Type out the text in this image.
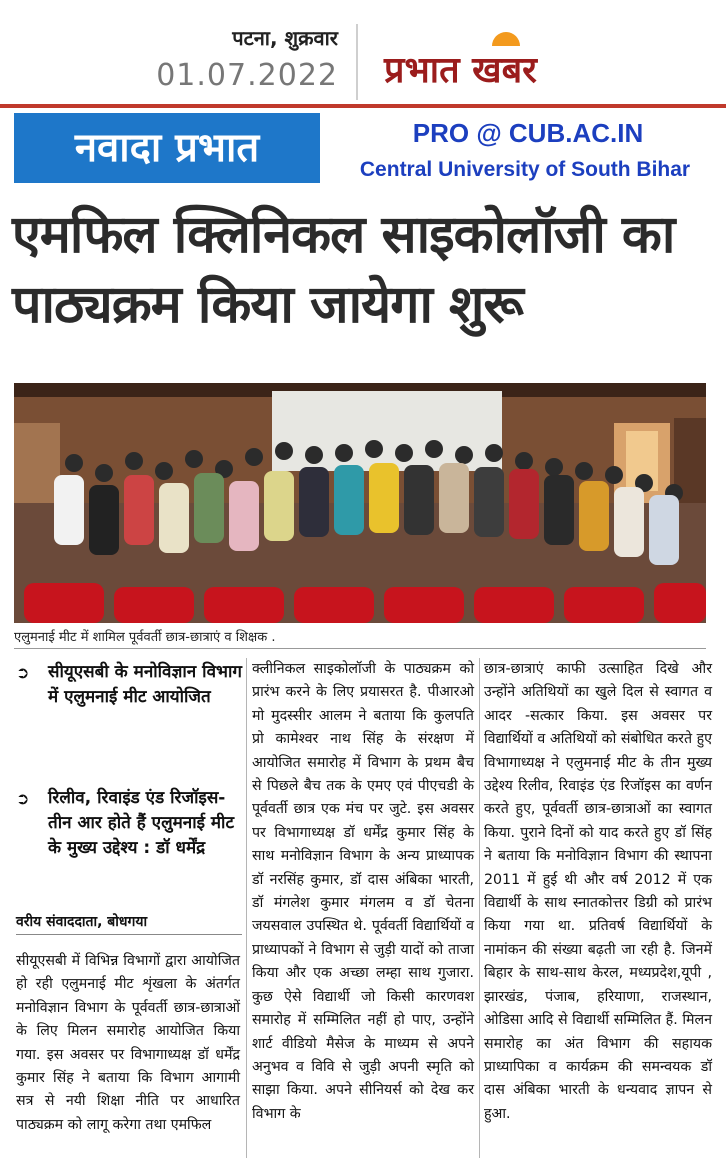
पटना, शुक्रवार
01.07.2022 प्रभात खबर
नवादा प्रभात	PRO @ CUB.AC.IN
Central University of South Bihar
एमफिल क्लिनिकल साइकोलॉजी का पाठ्यक्रम किया जायेगा शुरू
एलुमनाई मीट में शामिल पूर्ववर्ती छात्र-छात्राएं व शिक्षक .
➲ सीयूएसबी के मनोविज्ञान विभाग में एलुमनाई मीट आयोजित
➲ रिलीव, रिवाइंड एंड रिजॉइस- तीन आर होते हैं एलुमनाई मीट के मुख्य उद्देश्य : डॉ धर्मेंद्र
वरीय संवाददाता, बोधगया
सीयूएसबी में विभिन्न विभागों द्वारा आयोजित हो रही एलुमनाई मीट शृंखला के अंतर्गत मनोविज्ञान विभाग के पूर्ववर्ती छात्र-छात्राओं के लिए मिलन समारोह आयोजित किया गया. इस अवसर पर विभागाध्यक्ष डॉ धर्मेंद्र कुमार सिंह ने बताया कि विभाग आगामी सत्र से नयी शिक्षा नीति पर आधारित पाठ्यक्रम को लागू करेगा तथा एमफिल
क्लीनिकल साइकोलॉजी के पाठ्यक्रम को प्रारंभ करने के लिए प्रयासरत है. पीआरओ मो मुदस्सीर आलम ने बताया कि कुलपति प्रो कामेश्वर नाथ सिंह के संरक्षण में आयोजित समारोह में विभाग के प्रथम बैच से पिछले बैच तक के एमए एवं पीएचडी के पूर्ववर्ती छात्र एक मंच पर जुटे. इस अवसर पर विभागाध्यक्ष डॉ धर्मेंद्र कुमार सिंह के साथ मनोविज्ञान विभाग के अन्य प्राध्यापक डॉ नरसिंह कुमार, डॉ दास अंबिका भारती, डॉ मंगलेश कुमार मंगलम व डॉ चेतना जयसवाल उपस्थित थे. पूर्ववर्ती विद्यार्थियों व प्राध्यापकों ने विभाग से जुड़ी यादों को ताजा किया और एक अच्छा लम्हा साथ गुजारा. कुछ ऐसे विद्यार्थी जो किसी कारणवश समारोह में सम्मिलित नहीं हो पाए, उन्होंने शार्ट वीडियो मैसेज के माध्यम से अपने अनुभव व विवि से जुड़ी अपनी स्मृति को साझा किया. अपने सीनियर्स को देख कर विभाग के
छात्र-छात्राएं काफी उत्साहित दिखे और उन्होंने अतिथियों का खुले दिल से स्वागत व आदर -सत्कार किया. इस अवसर पर विद्यार्थियों व अतिथियों को संबोधित करते हुए विभागाध्यक्ष ने एलुमनाई मीट के तीन मुख्य उद्देश्य रिलीव, रिवाइंड एंड रिजॉइस का वर्णन करते हुए, पूर्ववर्ती छात्र-छात्राओं का स्वागत किया. पुराने दिनों को याद करते हुए डॉ सिंह ने बताया कि मनोविज्ञान विभाग की स्थापना 2011 में हुई थी और वर्ष 2012 में एक विद्यार्थी के साथ स्नातकोत्तर डिग्री को प्रारंभ किया गया था. प्रतिवर्ष विद्यार्थियों के नामांकन की संख्या बढ़ती जा रही है. जिनमें बिहार के साथ-साथ केरल, मध्यप्रदेश,यूपी , झारखंड, पंजाब, हरियाणा, राजस्थान, ओडिसा आदि से विद्यार्थी सम्मिलित हैं. मिलन समारोह का अंत विभाग की सहायक प्राध्यापिका व कार्यक्रम की समन्वयक डॉ दास अंबिका भारती के धन्यवाद ज्ञापन से हुआ.
